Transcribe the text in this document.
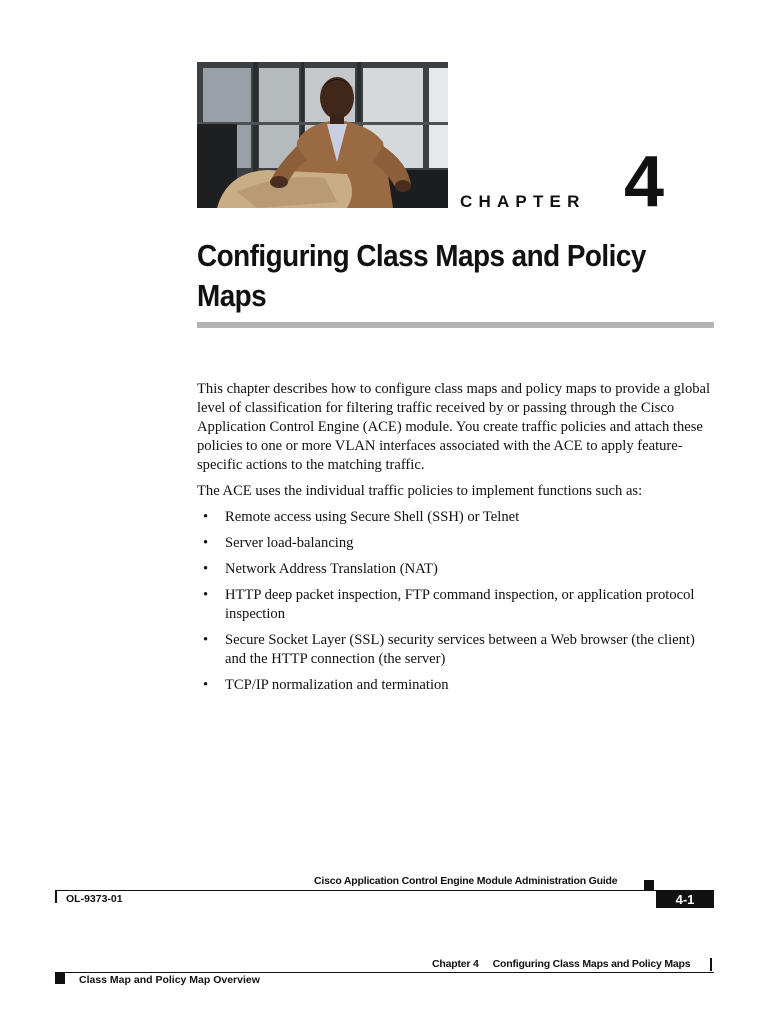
CHAPTER 4
Configuring Class Maps and Policy Maps

This chapter describes how to configure class maps and policy maps to provide a global level of classification for filtering traffic received by or passing through the Cisco Application Control Engine (ACE) module. You create traffic policies and attach these policies to one or more VLAN interfaces associated with the ACE to apply feature-specific actions to the matching traffic.

The ACE uses the individual traffic policies to implement functions such as:

• Remote access using Secure Shell (SSH) or Telnet
• Server load-balancing
• Network Address Translation (NAT)
• HTTP deep packet inspection, FTP command inspection, or application protocol inspection
• Secure Socket Layer (SSL) security services between a Web browser (the client) and the HTTP connection (the server)
• TCP/IP normalization and termination
Cisco Application Control Engine Module Administration Guide
OL-9373-01	4-1
Chapter 4 Configuring Class Maps and Policy Maps
Class Map and Policy Map Overview
